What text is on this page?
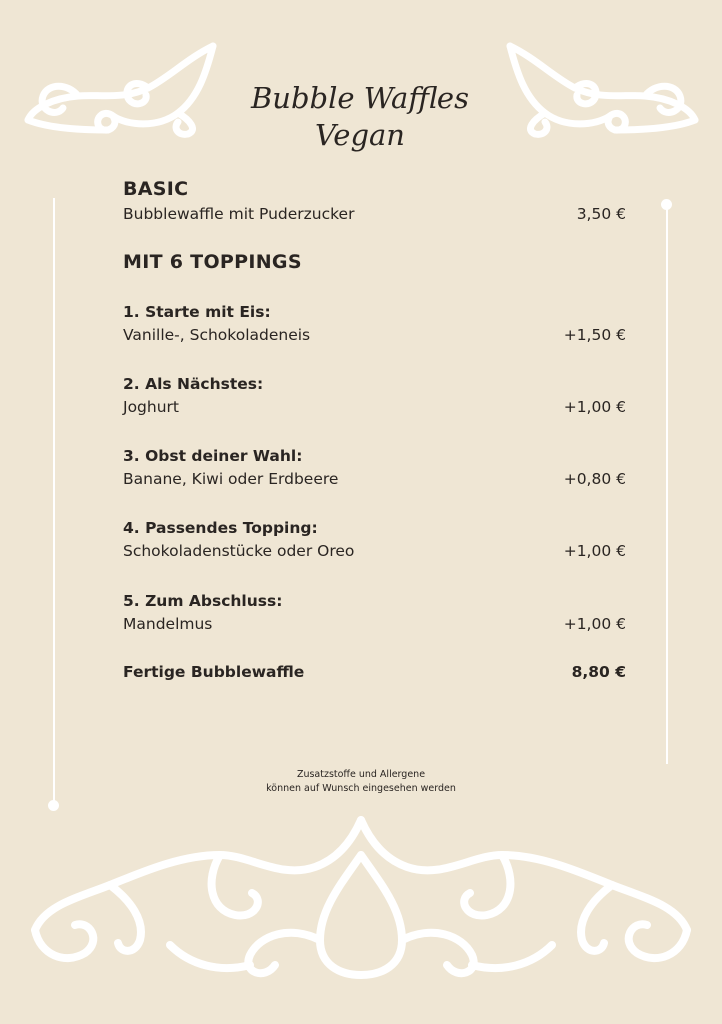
Bubble Waffles
Vegan
BASIC
Bubblewaffle mit Puderzucker	3,50 €
MIT 6 TOPPINGS
1. Starte mit Eis:
Vanille-, Schokoladeneis	+1,50 €
2. Als Nächstes:
Joghurt	+1,00 €
3. Obst deiner Wahl:
Banane, Kiwi oder Erdbeere	+0,80 €
4. Passendes Topping:
Schokoladenstücke oder Oreo	+1,00 €
5. Zum Abschluss:
Mandelmus	+1,00 €
Fertige Bubblewaffle	8,80 €
Zusatzstoffe und Allergene
können auf Wunsch eingesehen werden
